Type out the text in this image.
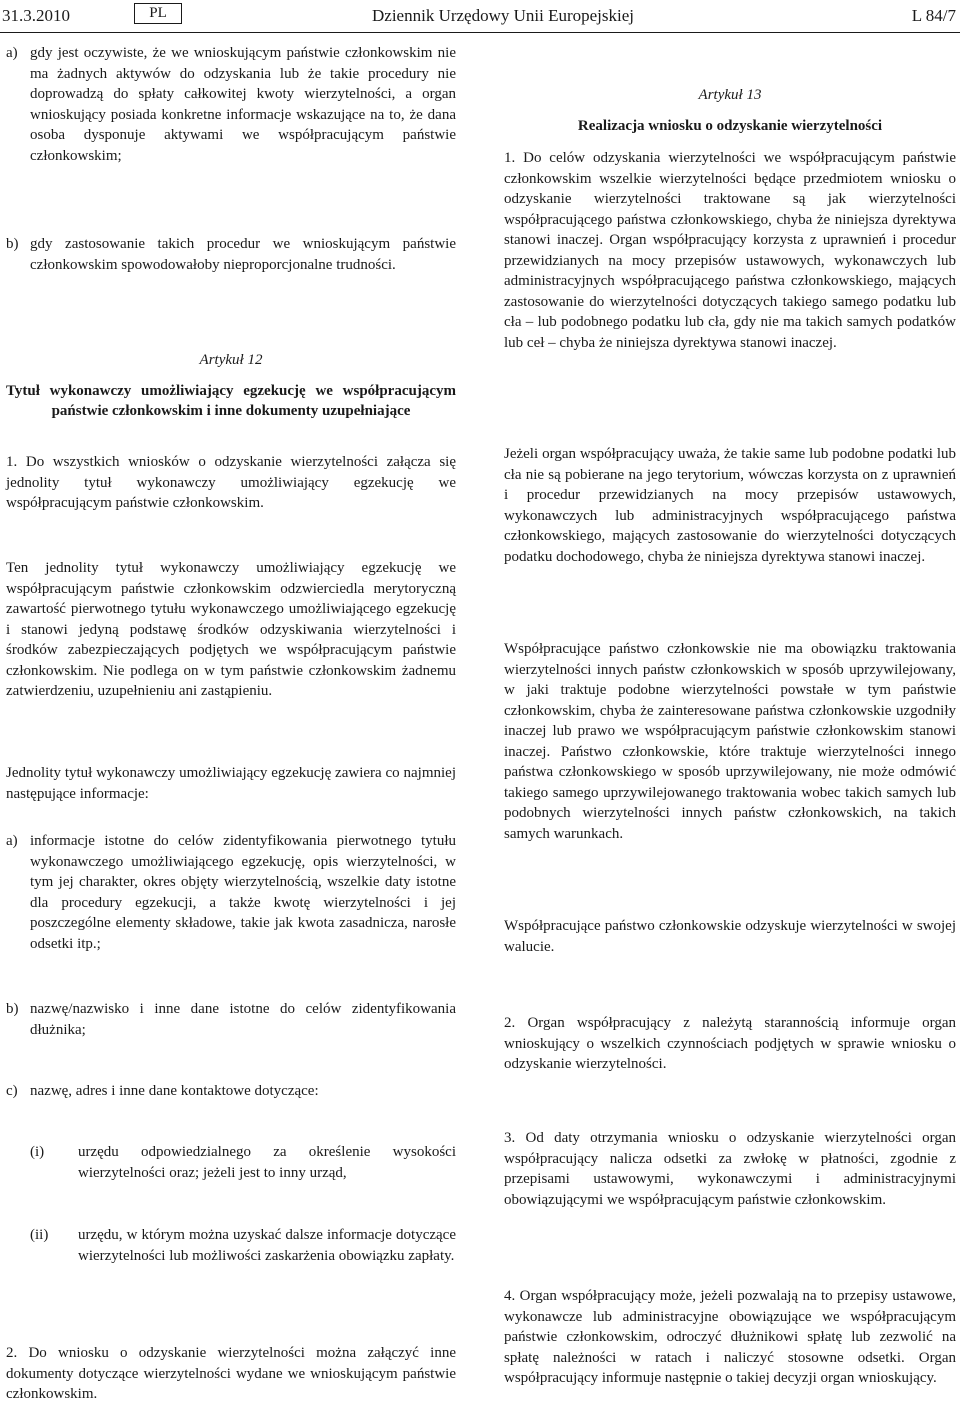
31.3.2010	PL	Dziennik Urzędowy Unii Europejskiej	L 84/7
a) gdy jest oczywiste, że we wnioskującym państwie członkowskim nie ma żadnych aktywów do odzyskania lub że takie procedury nie doprowadzą do spłaty całkowitej kwoty wierzytelności, a organ wnioskujący posiada konkretne informacje wskazujące na to, że dana osoba dysponuje aktywami we współpracującym państwie członkowskim;

b) gdy zastosowanie takich procedur we wnioskującym państwie członkowskim spowodowałoby nieproporcjonalne trudności.

Artykuł 12

Tytuł wykonawczy umożliwiający egzekucję we współpracującym państwie członkowskim i inne dokumenty uzupełniające

1. Do wszystkich wniosków o odzyskanie wierzytelności załącza się jednolity tytuł wykonawczy umożliwiający egzekucję we współpracującym państwie członkowskim.

Ten jednolity tytuł wykonawczy umożliwiający egzekucję we współpracującym państwie członkowskim odzwierciedla merytoryczną zawartość pierwotnego tytułu wykonawczego umożliwiającego egzekucję i stanowi jedyną podstawę środków odzyskiwania wierzytelności i środków zabezpieczających podjętych we współpracującym państwie członkowskim. Nie podlega on w tym państwie członkowskim żadnemu zatwierdzeniu, uzupełnieniu ani zastąpieniu.

Jednolity tytuł wykonawczy umożliwiający egzekucję zawiera co najmniej następujące informacje:

a) informacje istotne do celów zidentyfikowania pierwotnego tytułu wykonawczego umożliwiającego egzekucję, opis wierzytelności, w tym jej charakter, okres objęty wierzytelnością, wszelkie daty istotne dla procedury egzekucji, a także kwotę wierzytelności i jej poszczególne elementy składowe, takie jak kwota zasadnicza, narosłe odsetki itp.;

b) nazwę/nazwisko i inne dane istotne do celów zidentyfikowania dłużnika;

c) nazwę, adres i inne dane kontaktowe dotyczące:

(i)	urzędu odpowiedzialnego za określenie wysokości wierzytelności oraz; jeżeli jest to inny urząd,

(ii)	urzędu, w którym można uzyskać dalsze informacje dotyczące wierzytelności lub możliwości zaskarżenia obowiązku zapłaty.

2. Do wniosku o odzyskanie wierzytelności można załączyć inne dokumenty dotyczące wierzytelności wydane we wnioskującym państwie członkowskim.

Artykuł 13

Realizacja wniosku o odzyskanie wierzytelności

1. Do celów odzyskania wierzytelności we współpracującym państwie członkowskim wszelkie wierzytelności będące przedmiotem wniosku o odzyskanie wierzytelności traktowane są jak wierzytelności współpracującego państwa członkowskiego, chyba że niniejsza dyrektywa stanowi inaczej. Organ współpracujący korzysta z uprawnień i procedur przewidzianych na mocy przepisów ustawowych, wykonawczych lub administracyjnych współpracującego państwa członkowskiego, mających zastosowanie do wierzytelności dotyczących takiego samego podatku lub cła – lub podobnego podatku lub cła, gdy nie ma takich samych podatków lub ceł – chyba że niniejsza dyrektywa stanowi inaczej.

Jeżeli organ współpracujący uważa, że takie same lub podobne podatki lub cła nie są pobierane na jego terytorium, wówczas korzysta on z uprawnień i procedur przewidzianych na mocy przepisów ustawowych, wykonawczych lub administracyjnych współpracującego państwa członkowskiego, mających zastosowanie do wierzytelności dotyczących podatku dochodowego, chyba że niniejsza dyrektywa stanowi inaczej.

Współpracujące państwo członkowskie nie ma obowiązku traktowania wierzytelności innych państw członkowskich w sposób uprzywilejowany, w jaki traktuje podobne wierzytelności powstałe w tym państwie członkowskim, chyba że zainteresowane państwa członkowskie uzgodniły inaczej lub prawo we współpracującym państwie członkowskim stanowi inaczej. Państwo członkowskie, które traktuje wierzytelności innego państwa członkowskiego w sposób uprzywilejowany, nie może odmówić takiego samego uprzywilejowanego traktowania wobec takich samych lub podobnych wierzytelności innych państw członkowskich, na takich samych warunkach.

Współpracujące państwo członkowskie odzyskuje wierzytelności w swojej walucie.

2. Organ współpracujący z należytą starannością informuje organ wnioskujący o wszelkich czynnościach podjętych w sprawie wniosku o odzyskanie wierzytelności.

3. Od daty otrzymania wniosku o odzyskanie wierzytelności organ współpracujący nalicza odsetki za zwłokę w płatności, zgodnie z przepisami ustawowymi, wykonawczymi i administracyjnymi obowiązującymi we współpracującym państwie członkowskim.

4. Organ współpracujący może, jeżeli pozwalają na to przepisy ustawowe, wykonawcze lub administracyjne obowiązujące we współpracującym państwie członkowskim, odroczyć dłużnikowi spłatę lub zezwolić na spłatę należności w ratach i naliczyć stosowne odsetki. Organ współpracujący informuje następnie o takiej decyzji organ wnioskujący.
